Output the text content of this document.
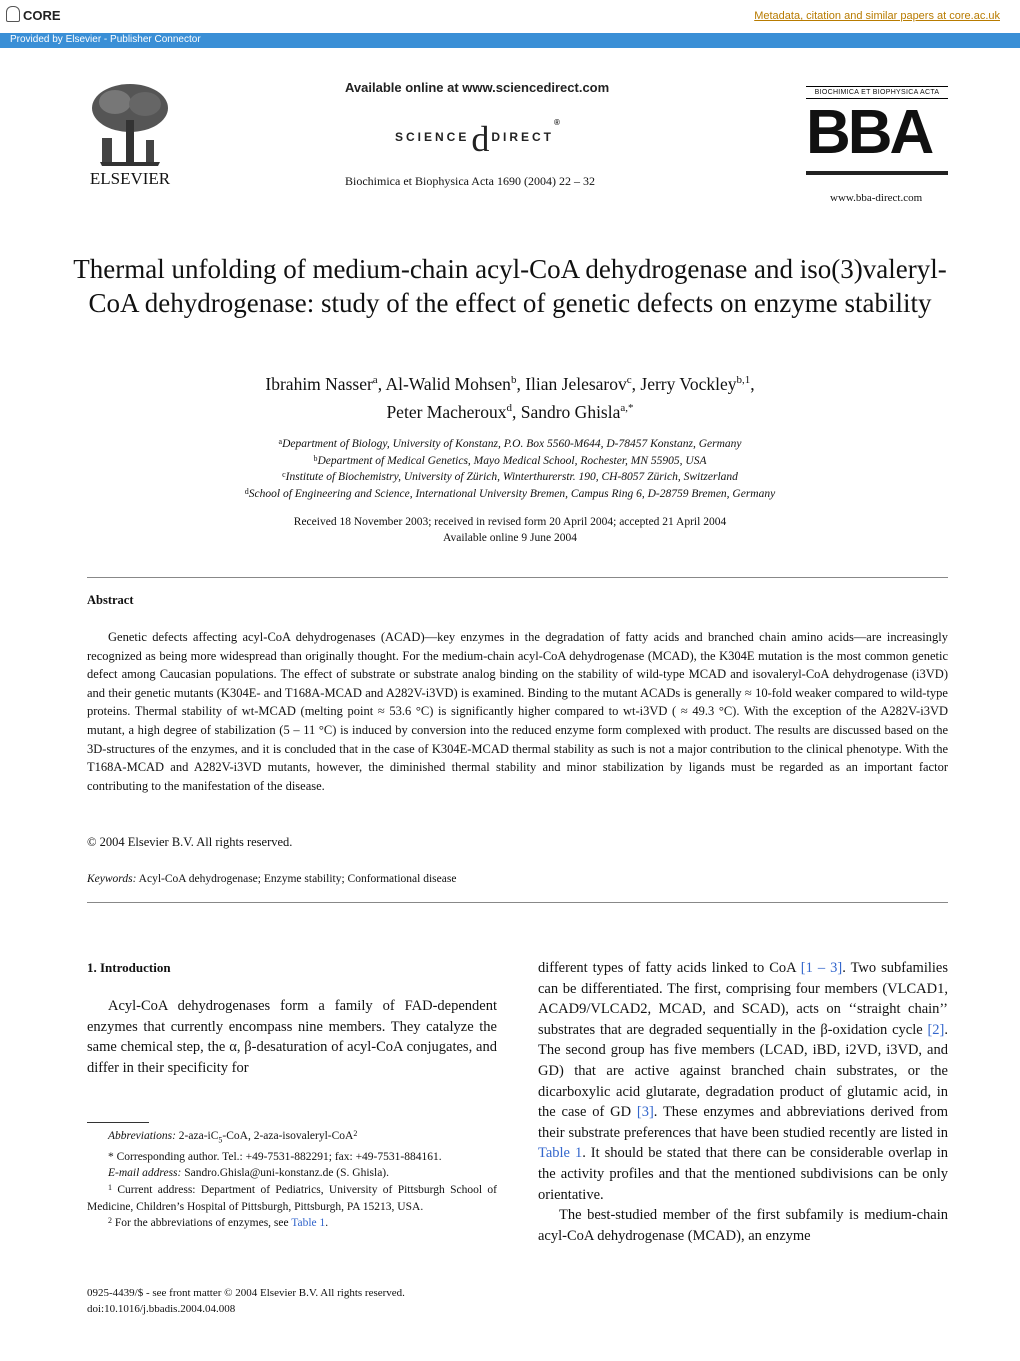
CORE	Metadata, citation and similar papers at core.ac.uk
Provided by Elsevier - Publisher Connector
ELSEVIER
Available online at www.sciencedirect.com
SCIENCEd DIRECT®
Biochimica et Biophysica Acta 1690 (2004) 22 – 32
BIOCHIMICA ET BIOPHYSICA ACTA
BBA
www.bba-direct.com
Thermal unfolding of medium-chain acyl-CoA dehydrogenase and iso(3)valeryl-CoA dehydrogenase: study of the effect of genetic defects on enzyme stability
Ibrahim Nasser$^a$, Al-Walid Mohsen$^b$, Ilian Jelesarov$^c$, Jerry Vockley$^{b,1}$,
Peter Macheroux$^d$, Sandro Ghisla$^{a,*}$
$^a$Department of Biology, University of Konstanz, P.O. Box 5560-M644, D-78457 Konstanz, Germany
$^b$Department of Medical Genetics, Mayo Medical School, Rochester, MN 55905, USA
$^c$Institute of Biochemistry, University of Zürich, Winterthurerstr. 190, CH-8057 Zürich, Switzerland
$^d$School of Engineering and Science, International University Bremen, Campus Ring 6, D-28759 Bremen, Germany
Received 18 November 2003; received in revised form 20 April 2004; accepted 21 April 2004
Available online 9 June 2004
Abstract
Genetic defects affecting acyl-CoA dehydrogenases (ACAD)—key enzymes in the degradation of fatty acids and branched chain amino acids—are increasingly recognized as being more widespread than originally thought. For the medium-chain acyl-CoA dehydrogenase (MCAD), the K304E mutation is the most common genetic defect among Caucasian populations. The effect of substrate or substrate analog binding on the stability of wild-type MCAD and isovaleryl-CoA dehydrogenase (i3VD) and their genetic mutants (K304E- and T168A-MCAD and A282V-i3VD) is examined. Binding to the mutant ACADs is generally ≈ 10-fold weaker compared to wild-type proteins. Thermal stability of wt-MCAD (melting point ≈ 53.6 °C) is significantly higher compared to wt-i3VD ( ≈ 49.3 °C). With the exception of the A282V-i3VD mutant, a high degree of stabilization (5 – 11 °C) is induced by conversion into the reduced enzyme form complexed with product. The results are discussed based on the 3D-structures of the enzymes, and it is concluded that in the case of K304E-MCAD thermal stability as such is not a major contribution to the clinical phenotype. With the T168A-MCAD and A282V-i3VD mutants, however, the diminished thermal stability and minor stabilization by ligands must be regarded as an important factor contributing to the manifestation of the disease.
© 2004 Elsevier B.V. All rights reserved.
Keywords: Acyl-CoA dehydrogenase; Enzyme stability; Conformational disease
1. Introduction
Acyl-CoA dehydrogenases form a family of FAD-dependent enzymes that currently encompass nine members. They catalyze the same chemical step, the α, β-desaturation of acyl-CoA conjugates, and differ in their specificity for

different types of fatty acids linked to CoA [1 – 3]. Two subfamilies can be differentiated. The first, comprising four members (VLCAD1, ACAD9/VLCAD2, MCAD, and SCAD), acts on ‘‘straight chain’’ substrates that are degraded sequentially in the β-oxidation cycle [2]. The second group has five members (LCAD, iBD, i2VD, i3VD, and GD) that are active against branched chain substrates, or the dicarboxylic acid glutarate, degradation product of glutamic acid, in the case of GD [3]. These enzymes and abbreviations derived from their substrate preferences that have been studied recently are listed in Table 1. It should be stated that there can be considerable overlap in the activity profiles and that the mentioned subdivisions can be only orientative.

The best-studied member of the first subfamily is medium-chain acyl-CoA dehydrogenase (MCAD), an enzyme

Abbreviations: $2-aza-iC_5$-CoA, 2-aza-isovaleryl-CoA$^2$

* Corresponding author. Tel.: +49-7531-882291; fax: +49-7531-884161.

E-mail address: Sandro.Ghisla@uni-konstanz.de (S. Ghisla).

$^1$ Current address: Department of Pediatrics, University of Pittsburgh School of Medicine, Children’s Hospital of Pittsburgh, Pittsburgh, PA 15213, USA.

$^2$ For the abbreviations of enzymes, see Table 1.

0925-4439/$ - see front matter © 2004 Elsevier B.V. All rights reserved.
doi:10.1016/j.bbadis.2004.04.008
